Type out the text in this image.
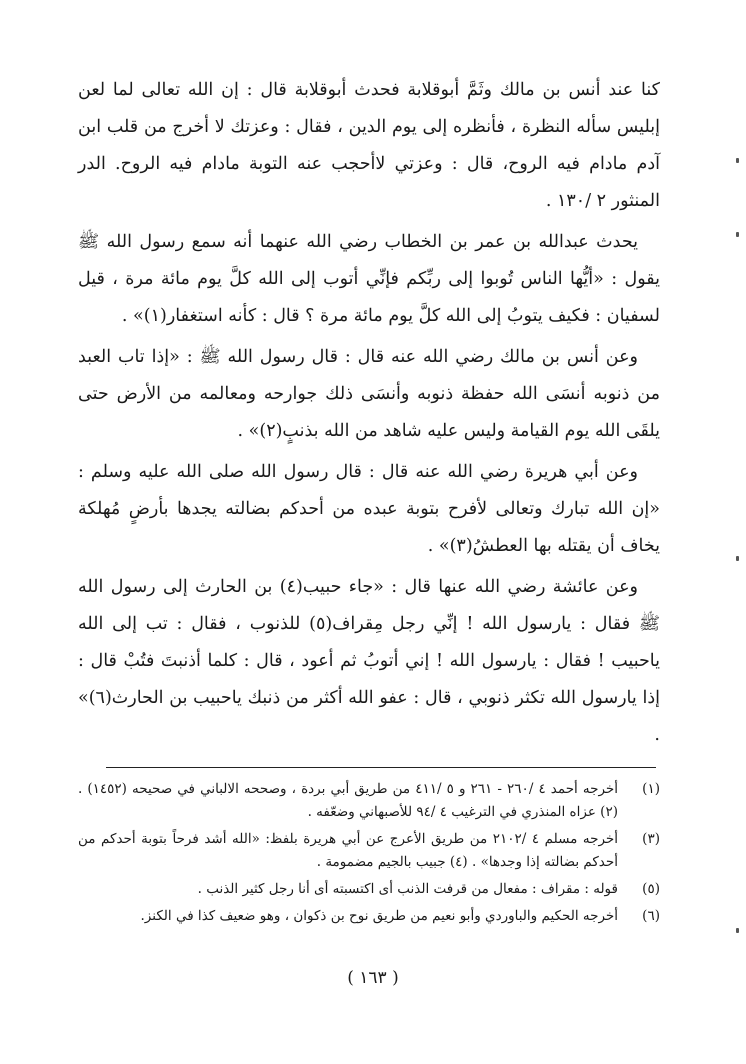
كنا عند أنس بن مالك وثَمَّ أبوقلابة فحدث أبوقلابة قال : إن الله تعالى لما لعن إبليس سأله النظرة ، فأنظره إلى يوم الدين ، فقال : وعزتك لا أخرج من قلب ابن آدم مادام فيه الروح، قال : وعزتي لاأحجب عنه التوبة مادام فيه الروح. الدر المنثور ٢ /١٣٠ .

يحدث عبدالله بن عمر بن الخطاب رضي الله عنهما أنه سمع رسول الله ﷺ يقول : «أيُّها الناس تُوبوا إلى ربِّكم فإنِّي أتوب إلى الله كلَّ يوم مائة مرة ، قيل لسفيان : فكيف يتوبُ إلى الله كلَّ يوم مائة مرة ؟ قال : كأنه استغفار(١)» .

وعن أنس بن مالك رضي الله عنه قال : قال رسول الله ﷺ : «إذا تاب العبد من ذنوبه أنسَى الله حفظة ذنوبه وأنسَى ذلك جوارحه ومعالمه من الأرض حتى يلقَى الله يوم القيامة وليس عليه شاهد من الله بذنبٍ(٢)» .

وعن أبي هريرة رضي الله عنه قال : قال رسول الله صلى الله عليه وسلم : «إن الله تبارك وتعالى لأفرح بتوبة عبده من أحدكم بضالته يجدها بأرضٍ مُهلكة يخاف أن يقتله بها العطشُ(٣)» .

وعن عائشة رضي الله عنها قال : «جاء حبيب(٤) بن الحارث إلى رسول الله ﷺ فقال : يارسول الله ! إنِّي رجل مِقراف(٥) للذنوب ، فقال : تب إلى الله ياحبيب ! فقال : يارسول الله ! إني أتوبُ ثم أعود ، قال : كلما أذنبتَ فتُبْ قال : إذا يارسول الله تكثر ذنوبي ، قال : عفو الله أكثر من ذنبك ياحبيب بن الحارث(٦)» .

(١)
أخرجه أحمد ٤ /٢٦٠ - ٢٦١ و ٥ /٤١١ من طريق أبي بردة ، وصححه الالباني في صحيحه (١٤٥٢) . (٢) عزاه المنذري في الترغيب ٤ /٩٤ للأصبهاني وضعّفه .
(٣)
أخرجه مسلم ٤ /٢١٠٢ من طريق الأعرج عن أبي هريرة بلفظ: «الله أشد فرحاً بتوبة أحدكم من أحدكم بضالته إذا وجدها» . (٤) جبيب بالجيم مضمومة .
(٥)
قوله : مقراف : مفعال من قرفت الذنب أى اكتسبته أى أنا رجل كثير الذنب .
(٦)
أخرجه الحكيم والباوردي وأبو نعيم من طريق نوح بن ذكوان ، وهو ضعيف كذا في الكنز.
( ١٦٣ )
